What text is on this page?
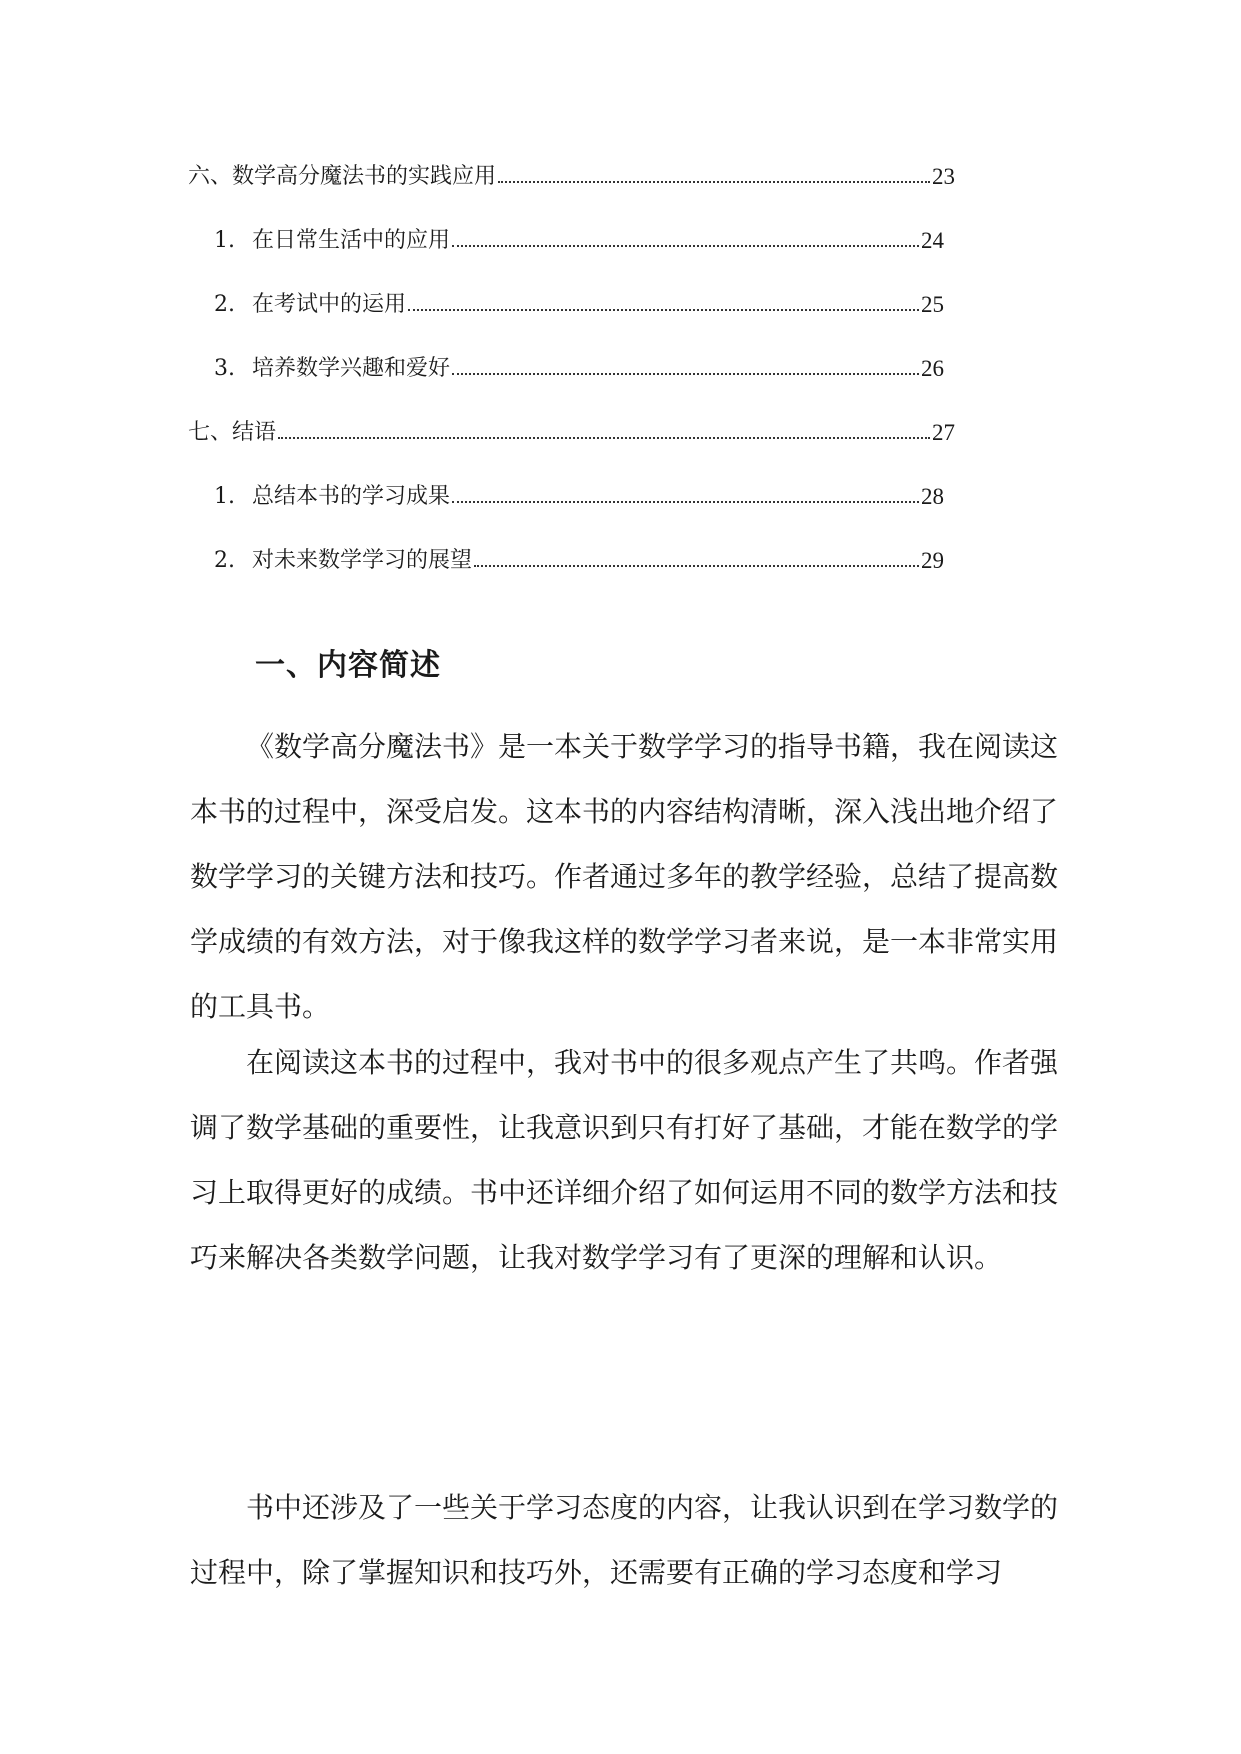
六、数学高分魔法书的实践应用	23
1. 在日常生活中的应用	24
2. 在考试中的运用	25
3. 培养数学兴趣和爱好	26
七、结语	27
1. 总结本书的学习成果	28
2. 对未来数学学习的展望	29
一、内容简述

《数学高分魔法书》是一本关于数学学习的指导书籍，我在阅读这本书的过程中，深受启发。这本书的内容结构清晰，深入浅出地介绍了数学学习的关键方法和技巧。作者通过多年的教学经验，总结了提高数学成绩的有效方法，对于像我这样的数学学习者来说，是一本非常实用的工具书。

在阅读这本书的过程中，我对书中的很多观点产生了共鸣。作者强调了数学基础的重要性，让我意识到只有打好了基础，才能在数学的学习上取得更好的成绩。书中还详细介绍了如何运用不同的数学方法和技巧来解决各类数学问题，让我对数学学习有了更深的理解和认识。

书中还涉及了一些关于学习态度的内容，让我认识到在学习数学的过程中，除了掌握知识和技巧外，还需要有正确的学习态度和学习
